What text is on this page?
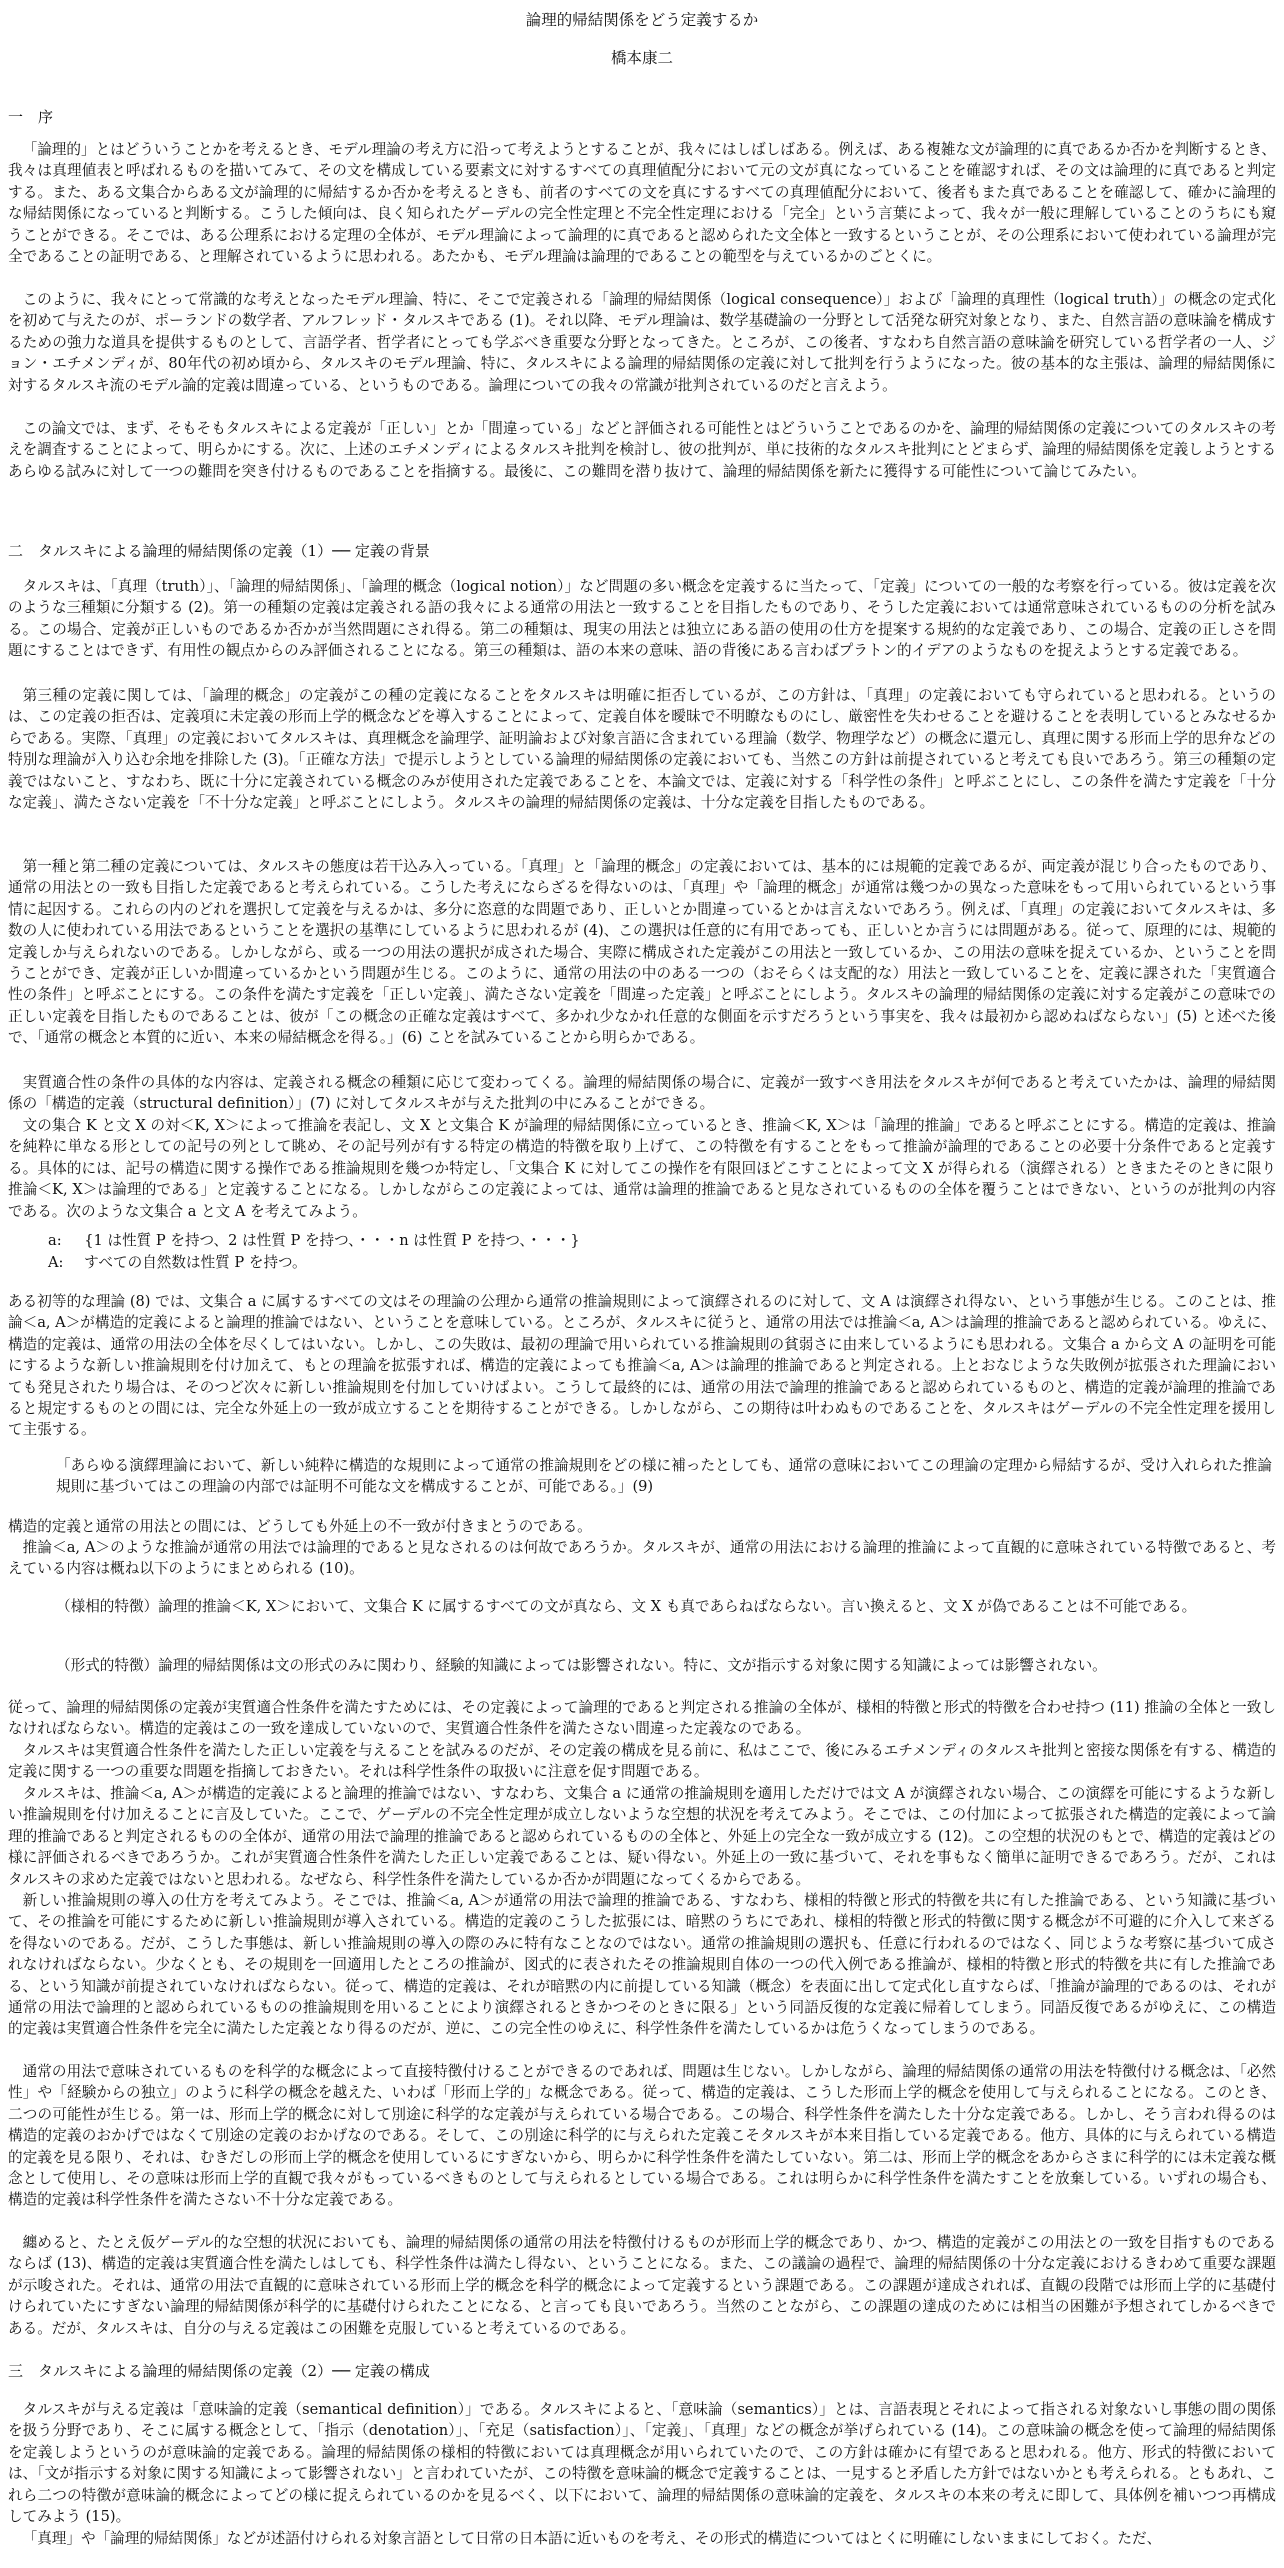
論理的帰結関係をどう定義するか
橋本康二
一　序
「論理的」とはどういうことかを考えるとき、モデル理論の考え方に沿って考えようとすることが、我々にはしばしばある。例えば、ある複雑な文が論理的に真であるか否かを判断するとき、我々は真理値表と呼ばれるものを描いてみて、その文を構成している要素文に対するすべての真理値配分において元の文が真になっていることを確認すれば、その文は論理的に真であると判定する。また、ある文集合からある文が論理的に帰結するか否かを考えるときも、前者のすべての文を真にするすべての真理値配分において、後者もまた真であることを確認して、確かに論理的な帰結関係になっていると判断する。こうした傾向は、良く知られたゲーデルの完全性定理と不完全性定理における「完全」という言葉によって、我々が一般に理解していることのうちにも窺うことができる。そこでは、ある公理系における定理の全体が、モデル理論によって論理的に真であると認められた文全体と一致するということが、その公理系において使われている論理が完全であることの証明である、と理解されているように思われる。あたかも、モデル理論は論理的であることの範型を与えているかのごとくに。
このように、我々にとって常識的な考えとなったモデル理論、特に、そこで定義される「論理的帰結関係（logical consequence）」および「論理的真理性（logical truth）」の概念の定式化を初めて与えたのが、ポーランドの数学者、アルフレッド・タルスキである (1)。それ以降、モデル理論は、数学基礎論の一分野として活発な研究対象となり、また、自然言語の意味論を構成するための強力な道具を提供するものとして、言語学者、哲学者にとっても学ぶべき重要な分野となってきた。ところが、この後者、すなわち自然言語の意味論を研究している哲学者の一人、ジョン・エチメンディが、80年代の初め頃から、タルスキのモデル理論、特に、タルスキによる論理的帰結関係の定義に対して批判を行うようになった。彼の基本的な主張は、論理的帰結関係に対するタルスキ流のモデル論的定義は間違っている、というものである。論理についての我々の常識が批判されているのだと言えよう。
この論文では、まず、そもそもタルスキによる定義が「正しい」とか「間違っている」などと評価される可能性とはどういうことであるのかを、論理的帰結関係の定義についてのタルスキの考えを調査することによって、明らかにする。次に、上述のエチメンディによるタルスキ批判を検討し、彼の批判が、単に技術的なタルスキ批判にとどまらず、論理的帰結関係を定義しようとするあらゆる試みに対して一つの難問を突き付けるものであることを指摘する。最後に、この難問を潜り抜けて、論理的帰結関係を新たに獲得する可能性について論じてみたい。
二　タルスキによる論理的帰結関係の定義（1）── 定義の背景
タルスキは、「真理（truth）」、「論理的帰結関係」、「論理的概念（logical notion）」など問題の多い概念を定義するに当たって、「定義」についての一般的な考察を行っている。彼は定義を次のような三種類に分類する (2)。第一の種類の定義は定義される語の我々による通常の用法と一致することを目指したものであり、そうした定義においては通常意味されているものの分析を試みる。この場合、定義が正しいものであるか否かが当然問題にされ得る。第二の種類は、現実の用法とは独立にある語の使用の仕方を提案する規約的な定義であり、この場合、定義の正しさを問題にすることはできず、有用性の観点からのみ評価されることになる。第三の種類は、語の本来の意味、語の背後にある言わばプラトン的イデアのようなものを捉えようとする定義である。
第三種の定義に関しては、「論理的概念」の定義がこの種の定義になることをタルスキは明確に拒否しているが、この方針は、「真理」の定義においても守られていると思われる。というのは、この定義の拒否は、定義項に未定義の形而上学的概念などを導入することによって、定義自体を曖昧で不明瞭なものにし、厳密性を失わせることを避けることを表明しているとみなせるからである。実際、「真理」の定義においてタルスキは、真理概念を論理学、証明論および対象言語に含まれている理論（数学、物理学など）の概念に還元し、真理に関する形而上学的思弁などの特別な理論が入り込む余地を排除した (3)。「正確な方法」で提示しようとしている論理的帰結関係の定義においても、当然この方針は前提されていると考えても良いであろう。第三の種類の定義ではないこと、すなわち、既に十分に定義されている概念のみが使用された定義であることを、本論文では、定義に対する「科学性の条件」と呼ぶことにし、この条件を満たす定義を「十分な定義」、満たさない定義を「不十分な定義」と呼ぶことにしよう。タルスキの論理的帰結関係の定義は、十分な定義を目指したものである。
第一種と第二種の定義については、タルスキの態度は若干込み入っている。「真理」と「論理的概念」の定義においては、基本的には規範的定義であるが、両定義が混じり合ったものであり、通常の用法との一致も目指した定義であると考えられている。こうした考えにならざるを得ないのは、「真理」や「論理的概念」が通常は幾つかの異なった意味をもって用いられているという事情に起因する。これらの内のどれを選択して定義を与えるかは、多分に恣意的な問題であり、正しいとか間違っているとかは言えないであろう。例えば、「真理」の定義においてタルスキは、多数の人に使われている用法であるということを選択の基準にしているように思われるが (4)、この選択は任意的に有用であっても、正しいとか言うには問題がある。従って、原理的には、規範的定義しか与えられないのである。しかしながら、或る一つの用法の選択が成された場合、実際に構成された定義がこの用法と一致しているか、この用法の意味を捉えているか、ということを問うことができ、定義が正しいか間違っているかという問題が生じる。このように、通常の用法の中のある一つの（おそらくは支配的な）用法と一致していることを、定義に課された「実質適合性の条件」と呼ぶことにする。この条件を満たす定義を「正しい定義」、満たさない定義を「間違った定義」と呼ぶことにしよう。タルスキの論理的帰結関係の定義に対する定義がこの意味での正しい定義を目指したものであることは、彼が「この概念の正確な定義はすべて、多かれ少なかれ任意的な側面を示すだろうという事実を、我々は最初から認めねばならない」(5) と述べた後で、「通常の概念と本質的に近い、本来の帰結概念を得る。」(6) ことを試みていることから明らかである。
実質適合性の条件の具体的な内容は、定義される概念の種類に応じて変わってくる。論理的帰結関係の場合に、定義が一致すべき用法をタルスキが何であると考えていたかは、論理的帰結関係の「構造的定義（structural definition）」(7) に対してタルスキが与えた批判の中にみることができる。
文の集合 K と文 X の対＜K, X＞によって推論を表記し、文 X と文集合 K が論理的帰結関係に立っているとき、推論＜K, X＞は「論理的推論」であると呼ぶことにする。構造的定義は、推論を純粋に単なる形としての記号の列として眺め、その記号列が有する特定の構造的特徴を取り上げて、この特徴を有することをもって推論が論理的であることの必要十分条件であると定義する。具体的には、記号の構造に関する操作である推論規則を幾つか特定し、「文集合 K に対してこの操作を有限回ほどこすことによって文 X が得られる（演繹される）ときまたそのときに限り推論＜K, X＞は論理的である」と定義することになる。しかしながらこの定義によっては、通常は論理的推論であると見なされているものの全体を覆うことはできない、というのが批判の内容である。次のような文集合 a と文 A を考えてみよう。
a: {1 は性質 P を持つ、2 は性質 P を持つ、・・・n は性質 P を持つ、・・・}
A: すべての自然数は性質 P を持つ。
ある初等的な理論 (8) では、文集合 a に属するすべての文はその理論の公理から通常の推論規則によって演繹されるのに対して、文 A は演繹され得ない、という事態が生じる。このことは、推論＜a, A＞が構造的定義によると論理的推論ではない、ということを意味している。ところが、タルスキに従うと、通常の用法では推論＜a, A＞は論理的推論であると認められている。ゆえに、構造的定義は、通常の用法の全体を尽くしてはいない。しかし、この失敗は、最初の理論で用いられている推論規則の貧弱さに由来しているようにも思われる。文集合 a から文 A の証明を可能にするような新しい推論規則を付け加えて、もとの理論を拡張すれば、構造的定義によっても推論＜a, A＞は論理的推論であると判定される。上とおなじような失敗例が拡張された理論においても発見されたり場合は、そのつど次々に新しい推論規則を付加していけばよい。こうして最終的には、通常の用法で論理的推論であると認められているものと、構造的定義が論理的推論であると規定するものとの間には、完全な外延上の一致が成立することを期待することができる。しかしながら、この期待は叶わぬものであることを、タルスキはゲーデルの不完全性定理を援用して主張する。
「あらゆる演繹理論において、新しい純粋に構造的な規則によって通常の推論規則をどの様に補ったとしても、通常の意味においてこの理論の定理から帰結するが、受け入れられた推論規則に基づいてはこの理論の内部では証明不可能な文を構成することが、可能である。」(9)
構造的定義と通常の用法との間には、どうしても外延上の不一致が付きまとうのである。
推論＜a, A＞のような推論が通常の用法では論理的であると見なされるのは何故であろうか。タルスキが、通常の用法における論理的推論によって直観的に意味されている特徴であると、考えている内容は概ね以下のようにまとめられる (10)。
（様相的特徴）論理的推論＜K, X＞において、文集合 K に属するすべての文が真なら、文 X も真であらねばならない。言い換えると、文 X が偽であることは不可能である。
（形式的特徴）論理的帰結関係は文の形式のみに関わり、経験的知識によっては影響されない。特に、文が指示する対象に関する知識によっては影響されない。
従って、論理的帰結関係の定義が実質適合性条件を満たすためには、その定義によって論理的であると判定される推論の全体が、様相的特徴と形式的特徴を合わせ持つ (11) 推論の全体と一致しなければならない。構造的定義はこの一致を達成していないので、実質適合性条件を満たさない間違った定義なのである。
タルスキは実質適合性条件を満たした正しい定義を与えることを試みるのだが、その定義の構成を見る前に、私はここで、後にみるエチメンディのタルスキ批判と密接な関係を有する、構造的定義に関する一つの重要な問題を指摘しておきたい。それは科学性条件の取扱いに注意を促す問題である。
タルスキは、推論＜a, A＞が構造的定義によると論理的推論ではない、すなわち、文集合 a に通常の推論規則を適用しただけでは文 A が演繹されない場合、この演繹を可能にするような新しい推論規則を付け加えることに言及していた。ここで、ゲーデルの不完全性定理が成立しないような空想的状況を考えてみよう。そこでは、この付加によって拡張された構造的定義によって論理的推論であると判定されるものの全体が、通常の用法で論理的推論であると認められているものの全体と、外延上の完全な一致が成立する (12)。この空想的状況のもとで、構造的定義はどの様に評価されるべきであろうか。これが実質適合性条件を満たした正しい定義であることは、疑い得ない。外延上の一致に基づいて、それを事もなく簡単に証明できるであろう。だが、これはタルスキの求めた定義ではないと思われる。なぜなら、科学性条件を満たしているか否かが問題になってくるからである。
新しい推論規則の導入の仕方を考えてみよう。そこでは、推論＜a, A＞が通常の用法で論理的推論である、すなわち、様相的特徴と形式的特徴を共に有した推論である、という知識に基づいて、その推論を可能にするために新しい推論規則が導入されている。構造的定義のこうした拡張には、暗黙のうちにであれ、様相的特徴と形式的特徴に関する概念が不可避的に介入して来ざるを得ないのである。だが、こうした事態は、新しい推論規則の導入の際のみに特有なことなのではない。通常の推論規則の選択も、任意に行われるのではなく、同じような考察に基づいて成されなければならない。少なくとも、その規則を一回適用したところの推論が、図式的に表されたその推論規則自体の一つの代入例である推論が、様相的特徴と形式的特徴を共に有した推論である、という知識が前提されていなければならない。従って、構造的定義は、それが暗黙の内に前提している知識（概念）を表面に出して定式化し直すならば、「推論が論理的であるのは、それが通常の用法で論理的と認められているものの推論規則を用いることにより演繹されるときかつそのときに限る」という同語反復的な定義に帰着してしまう。同語反復であるがゆえに、この構造的定義は実質適合性条件を完全に満たした定義となり得るのだが、逆に、この完全性のゆえに、科学性条件を満たしているかは危うくなってしまうのである。
通常の用法で意味されているものを科学的な概念によって直接特徴付けることができるのであれば、問題は生じない。しかしながら、論理的帰結関係の通常の用法を特徴付ける概念は、「必然性」や「経験からの独立」のように科学の概念を越えた、いわば「形而上学的」な概念である。従って、構造的定義は、こうした形而上学的概念を使用して与えられることになる。このとき、二つの可能性が生じる。第一は、形而上学的概念に対して別途に科学的な定義が与えられている場合である。この場合、科学性条件を満たした十分な定義である。しかし、そう言われ得るのは構造的定義のおかげではなくて別途の定義のおかげなのである。そして、この別途に科学的に与えられた定義こそタルスキが本来目指している定義である。他方、具体的に与えられている構造的定義を見る限り、それは、むきだしの形而上学的概念を使用しているにすぎないから、明らかに科学性条件を満たしていない。第二は、形而上学的概念をあからさまに科学的には未定義な概念として使用し、その意味は形而上学的直観で我々がもっているべきものとして与えられるとしている場合である。これは明らかに科学性条件を満たすことを放棄している。いずれの場合も、構造的定義は科学性条件を満たさない不十分な定義である。
纏めると、たとえ仮ゲーデル的な空想的状況においても、論理的帰結関係の通常の用法を特徴付けるものが形而上学的概念であり、かつ、構造的定義がこの用法との一致を目指すものであるならば (13)、構造的定義は実質適合性を満たしはしても、科学性条件は満たし得ない、ということになる。また、この議論の過程で、論理的帰結関係の十分な定義におけるきわめて重要な課題が示唆された。それは、通常の用法で直観的に意味されている形而上学的概念を科学的概念によって定義するという課題である。この課題が達成されれば、直観の段階では形而上学的に基礎付けられていたにすぎない論理的帰結関係が科学的に基礎付けられたことになる、と言っても良いであろう。当然のことながら、この課題の達成のためには相当の困難が予想されてしかるべきである。だが、タルスキは、自分の与える定義はこの困難を克服していると考えているのである。
三　タルスキによる論理的帰結関係の定義（2）── 定義の構成
タルスキが与える定義は「意味論的定義（semantical definition）」である。タルスキによると、「意味論（semantics）」とは、言語表現とそれによって指される対象ないし事態の間の関係を扱う分野であり、そこに属する概念として、「指示（denotation）」、「充足（satisfaction）」、「定義」、「真理」などの概念が挙げられている (14)。この意味論の概念を使って論理的帰結関係を定義しようというのが意味論的定義である。論理的帰結関係の様相的特徴においては真理概念が用いられていたので、この方針は確かに有望であると思われる。他方、形式的特徴においては、「文が指示する対象に関する知識によって影響されない」と言われていたが、この特徴を意味論的概念で定義することは、一見すると矛盾した方針ではないかとも考えられる。ともあれ、これら二つの特徴が意味論的概念によってどの様に捉えられているのかを見るべく、以下において、論理的帰結関係の意味論的定義を、タルスキの本来の考えに即して、具体例を補いつつ再構成してみよう (15)。
「真理」や「論理的帰結関係」などが述語付けられる対象言語として日常の日本語に近いものを考え、その形式的構造についてはとくに明確にしないままにしておく。ただ、
